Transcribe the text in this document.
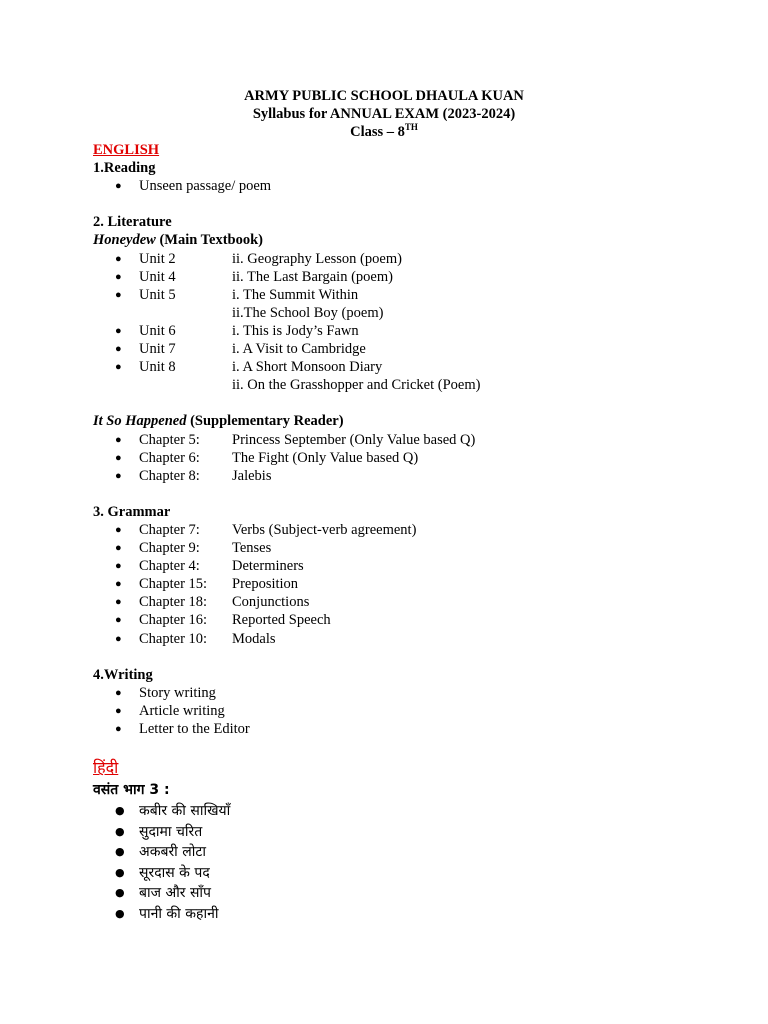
ARMY PUBLIC SCHOOL DHAULA KUAN
Syllabus for ANNUAL EXAM (2023-2024)
Class – 8TH
ENGLISH
1.Reading
● Unseen passage/ poem
2. Literature
Honeydew (Main Textbook)
● Unit 2	ii. Geography Lesson (poem)
● Unit 4	ii. The Last Bargain (poem)
● Unit 5	i. The Summit Within
ii.The School Boy (poem)
● Unit 6	i. This is Jody’s Fawn
● Unit 7	i. A Visit to Cambridge
● Unit 8	i. A Short Monsoon Diary
ii. On the Grasshopper and Cricket (Poem)
It So Happened (Supplementary Reader)
● Chapter 5: Princess September (Only Value based Q)
● Chapter 6: The Fight (Only Value based Q)
● Chapter 8: Jalebis
3. Grammar
● Chapter 7: Verbs (Subject-verb agreement)
● Chapter 9: Tenses
● Chapter 4: Determiners
● Chapter 15: Preposition
● Chapter 18: Conjunctions
● Chapter 16: Reported Speech
● Chapter 10: Modals
4.Writing
● Story writing
● Article writing
● Letter to the Editor
हिंदी
वसंत भाग 3 :
● कबीर की साखियाँ
● सुदामा चरित
● अकबरी लोटा
● सूरदास के पद
● बाज और साँप
● पानी की कहानी
